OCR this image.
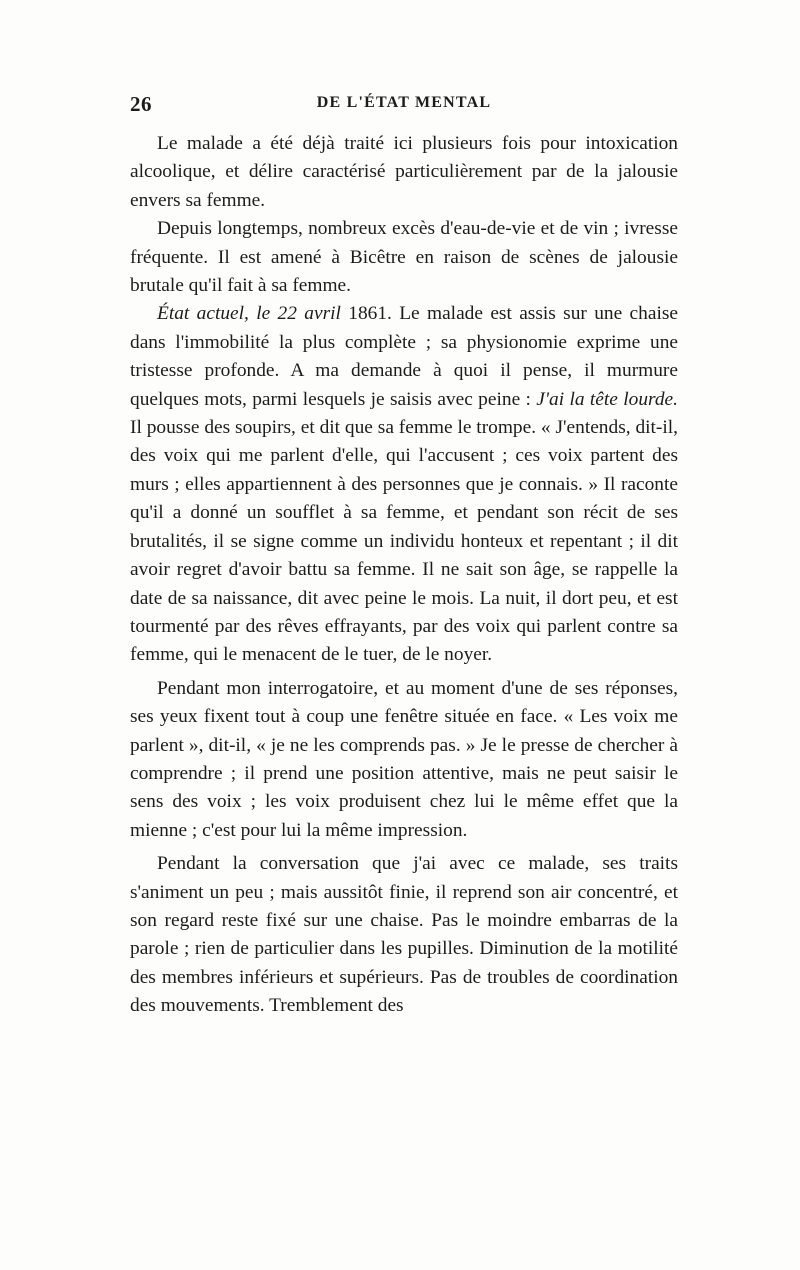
26	DE L'ÉTAT MENTAL

Le malade a été déjà traité ici plusieurs fois pour intoxication alcoolique, et délire caractérisé particulièrement par de la jalousie envers sa femme.

Depuis longtemps, nombreux excès d'eau-de-vie et de vin ; ivresse fréquente. Il est amené à Bicêtre en raison de scènes de jalousie brutale qu'il fait à sa femme.

État actuel, le 22 avril 1861. Le malade est assis sur une chaise dans l'immobilité la plus complète ; sa physionomie exprime une tristesse profonde. A ma demande à quoi il pense, il murmure quelques mots, parmi lesquels je saisis avec peine : J'ai la tête lourde. Il pousse des soupirs, et dit que sa femme le trompe. « J'entends, dit-il, des voix qui me parlent d'elle, qui l'accusent ; ces voix partent des murs ; elles appartiennent à des personnes que je connais. » Il raconte qu'il a donné un soufflet à sa femme, et pendant son récit de ses brutalités, il se signe comme un individu honteux et repentant ; il dit avoir regret d'avoir battu sa femme. Il ne sait son âge, se rappelle la date de sa naissance, dit avec peine le mois. La nuit, il dort peu, et est tourmenté par des rêves effrayants, par des voix qui parlent contre sa femme, qui le menacent de le tuer, de le noyer.

Pendant mon interrogatoire, et au moment d'une de ses réponses, ses yeux fixent tout à coup une fenêtre située en face. « Les voix me parlent », dit-il, « je ne les comprends pas. » Je le presse de chercher à comprendre ; il prend une position attentive, mais ne peut saisir le sens des voix ; les voix produisent chez lui le même effet que la mienne ; c'est pour lui la même impression.

Pendant la conversation que j'ai avec ce malade, ses traits s'animent un peu ; mais aussitôt finie, il reprend son air concentré, et son regard reste fixé sur une chaise. Pas le moindre embarras de la parole ; rien de particulier dans les pupilles. Diminution de la motilité des membres inférieurs et supérieurs. Pas de troubles de coordination des mouvements. Tremblement des
